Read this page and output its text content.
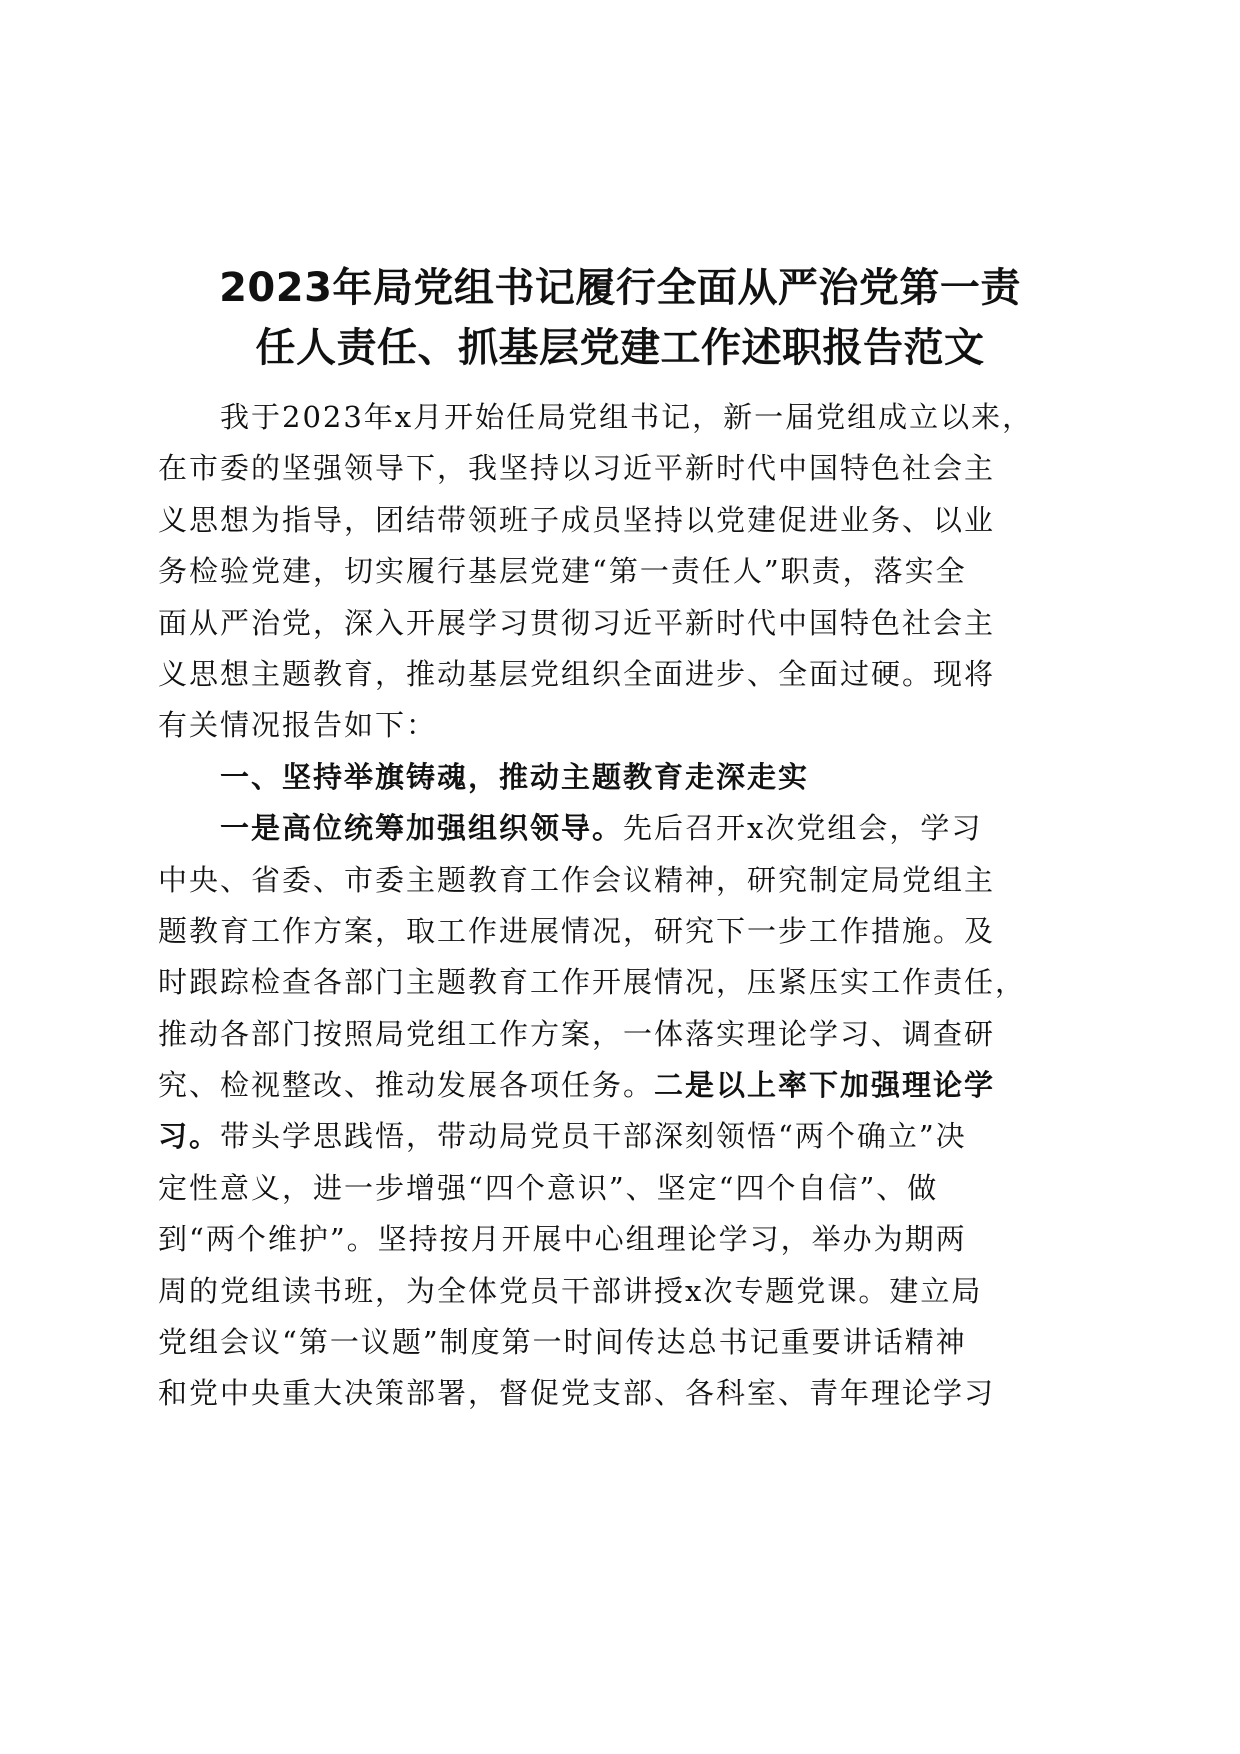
2023年局党组书记履行全面从严治党第一责
任人责任、抓基层党建工作述职报告范文
　　我于2023年x月开始任局党组书记，新一届党组成立以来，
在市委的坚强领导下，我坚持以习近平新时代中国特色社会主
义思想为指导，团结带领班子成员坚持以党建促进业务、以业
务检验党建，切实履行基层党建“第一责任人”职责，落实全
面从严治党，深入开展学习贯彻习近平新时代中国特色社会主
义思想主题教育，推动基层党组织全面进步、全面过硬。现将
有关情况报告如下：
　　一、坚持举旗铸魂，推动主题教育走深走实
　　一是高位统筹加强组织领导。先后召开x次党组会，学习
中央、省委、市委主题教育工作会议精神，研究制定局党组主
题教育工作方案，取工作进展情况，研究下一步工作措施。及
时跟踪检查各部门主题教育工作开展情况，压紧压实工作责任，
推动各部门按照局党组工作方案，一体落实理论学习、调查研
究、检视整改、推动发展各项任务。二是以上率下加强理论学
习。带头学思践悟，带动局党员干部深刻领悟“两个确立”决
定性意义，进一步增强“四个意识”、坚定“四个自信”、做
到“两个维护”。坚持按月开展中心组理论学习，举办为期两
周的党组读书班，为全体党员干部讲授x次专题党课。建立局
党组会议“第一议题”制度第一时间传达总书记重要讲话精神
和党中央重大决策部署，督促党支部、各科室、青年理论学习
